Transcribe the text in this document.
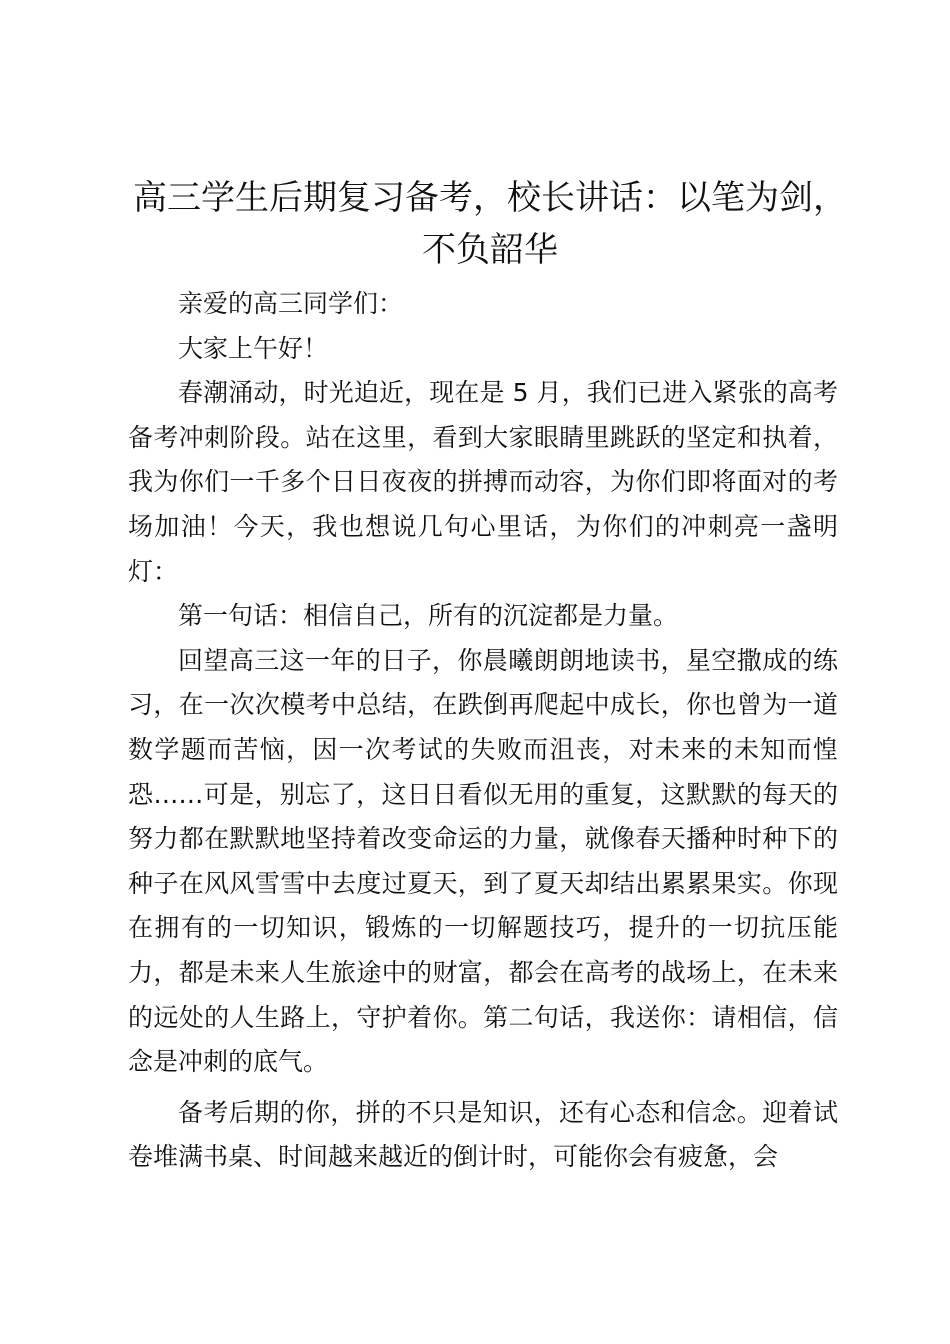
高三学生后期复习备考，校长讲话：以笔为剑，
不负韶华

亲爱的高三同学们：

大家上午好！

春潮涌动，时光迫近，现在是 5 月，我们已进入紧张的高考备考冲刺阶段。站在这里，看到大家眼睛里跳跃的坚定和执着，我为你们一千多个日日夜夜的拼搏而动容，为你们即将面对的考场加油！今天，我也想说几句心里话，为你们的冲刺亮一盏明灯：

第一句话：相信自己，所有的沉淀都是力量。

回望高三这一年的日子，你晨曦朗朗地读书，星空撒成的练习，在一次次模考中总结，在跌倒再爬起中成长，你也曾为一道数学题而苦恼，因一次考试的失败而沮丧，对未来的未知而惶恐……可是，别忘了，这日日看似无用的重复，这默默的每天的努力都在默默地坚持着改变命运的力量，就像春天播种时种下的种子在风风雪雪中去度过夏天，到了夏天却结出累累果实。你现在拥有的一切知识，锻炼的一切解题技巧，提升的一切抗压能力，都是未来人生旅途中的财富，都会在高考的战场上，在未来的远处的人生路上，守护着你。第二句话，我送你：请相信，信念是冲刺的底气。

备考后期的你，拼的不只是知识，还有心态和信念。迎着试卷堆满书桌、时间越来越近的倒计时，可能你会有疲惫，会
